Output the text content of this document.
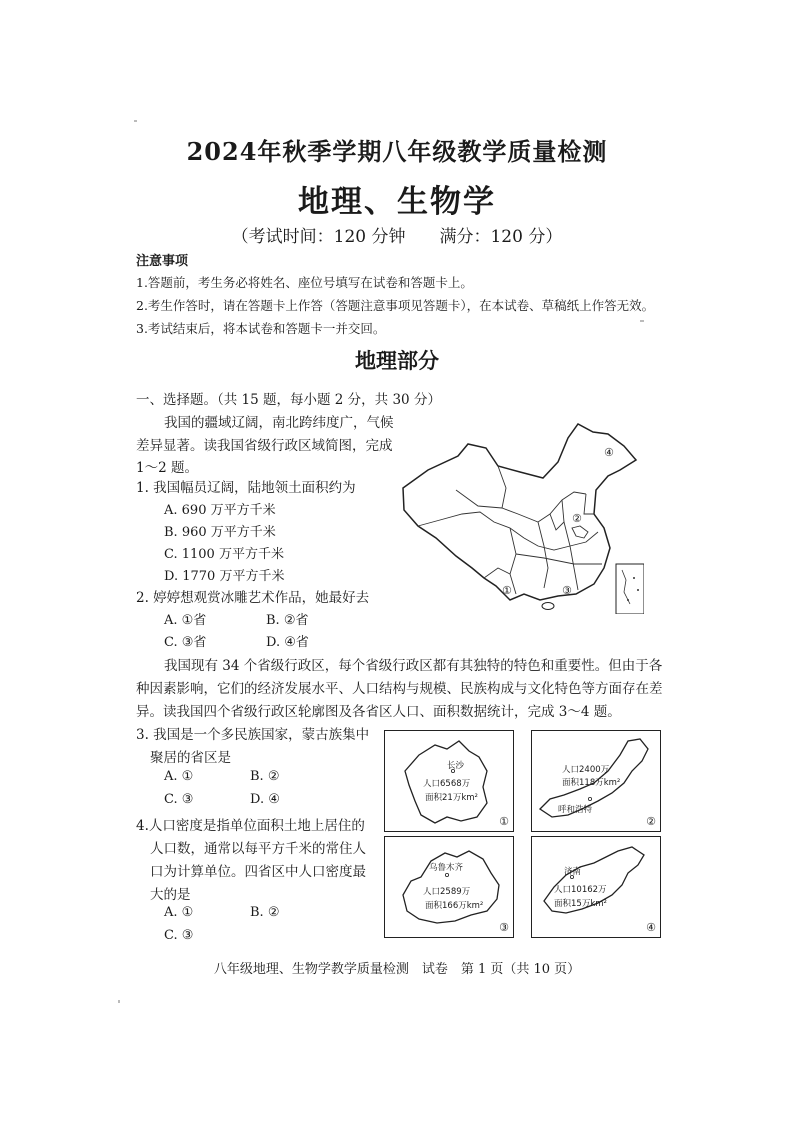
2024年秋季学期八年级教学质量检测
地理、生物学
（考试时间：120 分钟　　满分：120 分）
注意事项
1.答题前，考生务必将姓名、座位号填写在试卷和答题卡上。
2.考生作答时，请在答题卡上作答（答题注意事项见答题卡），在本试卷、草稿纸上作答无效。
3.考试结束后，将本试卷和答题卡一并交回。
地理部分
一、选择题。（共 15 题，每小题 2 分，共 30 分）
我国的疆域辽阔，南北跨纬度广，气候
差异显著。读我国省级行政区域简图，完成
1～2 题。
1. 我国幅员辽阔，陆地领土面积约为
A. 690 万平方千米
B. 960 万平方千米
C. 1100 万平方千米
D. 1770 万平方千米
2. 婷婷想观赏冰雕艺术作品，她最好去
A. ①省	B. ②省
C. ③省	D. ④省
④
②
①	③
我国现有 34 个省级行政区，每个省级行政区都有其独特的特色和重要性。但由于各
种因素影响，它们的经济发展水平、人口结构与规模、民族构成与文化特色等方面存在差
异。读我国四个省级行政区轮廓图及各省区人口、面积数据统计，完成 3～4 题。
3. 我国是一个多民族国家，蒙古族集中
聚居的省区是
A. ①	B. ②
C. ③	D. ④
4.人口密度是指单位面积土地上居住的
人口数，通常以每平方千米的常住人
口为计算单位。四省区中人口密度最
大的是
A. ①	B. ②
C. ③
长沙
人口6568万
面积21万km²
①
人口2400万
面积118万km²
呼和浩特
②
乌鲁木齐
人口2589万
面积166万km²
③
济南
人口10162万
面积15万km²
④
八年级地理、生物学教学质量检测　试卷　第 1 页（共 10 页）
